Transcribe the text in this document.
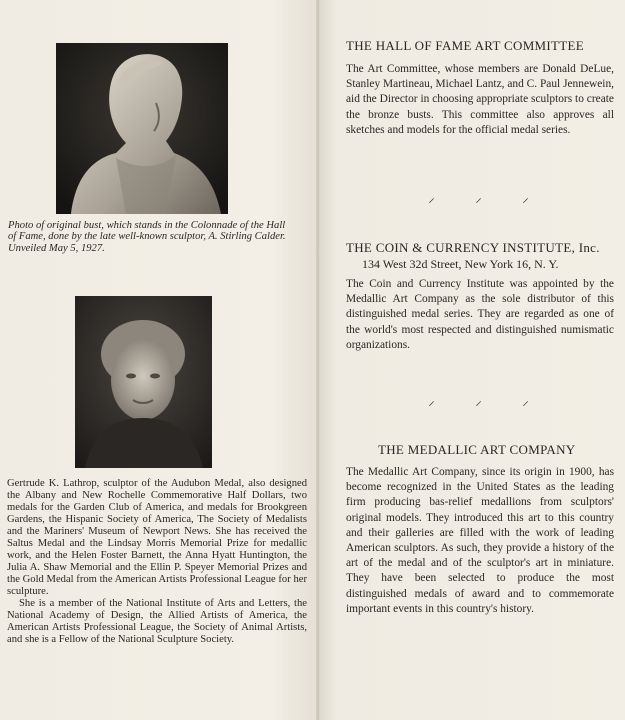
Photo of original bust, which stands in the Colonnade of the Hall of Fame, done by the late well-known sculptor, A. Stirling Calder. Unveiled May 5, 1927.

Gertrude K. Lathrop, sculptor of the Audubon Medal, also designed the Albany and New Rochelle Commemorative Half Dollars, two medals for the Garden Club of America, and medals for Brookgreen Gardens, the Hispanic Society of America, The Society of Medalists and the Mariners' Museum of Newport News. She has received the Saltus Medal and the Lindsay Morris Memorial Prize for medallic work, and the Helen Foster Barnett, the Anna Hyatt Huntington, the Julia A. Shaw Memorial and the Ellin P. Speyer Memorial Prizes and the Gold Medal from the American Artists Professional League for her sculpture.

She is a member of the National Institute of Arts and Letters, the National Academy of Design, the Allied Artists of America, the American Artists Professional League, the Society of Animal Artists, and she is a Fellow of the National Sculpture Society.

THE HALL OF FAME ART COMMITTEE

The Art Committee, whose members are Donald DeLue, Stanley Martineau, Michael Lantz, and C. Paul Jennewein, aid the Director in choosing appropriate sculptors to create the bronze busts. This committee also approves all sketches and models for the official medal series.

⸝	⸝	⸝
THE COIN & CURRENCY INSTITUTE, Inc.

134 West 32d Street, New York 16, N. Y.

The Coin and Currency Institute was appointed by the Medallic Art Company as the sole distributor of this distinguished medal series. They are regarded as one of the world's most respected and distinguished numismatic organizations.

⸝	⸝	⸝
THE MEDALLIC ART COMPANY

The Medallic Art Company, since its origin in 1900, has become recognized in the United States as the leading firm producing bas-relief medallions from sculptors' original models. They introduced this art to this country and their galleries are filled with the work of leading American sculptors. As such, they provide a history of the art of the medal and of the sculptor's art in miniature. They have been selected to produce the most distinguished medals of award and to commemorate important events in this country's history.
